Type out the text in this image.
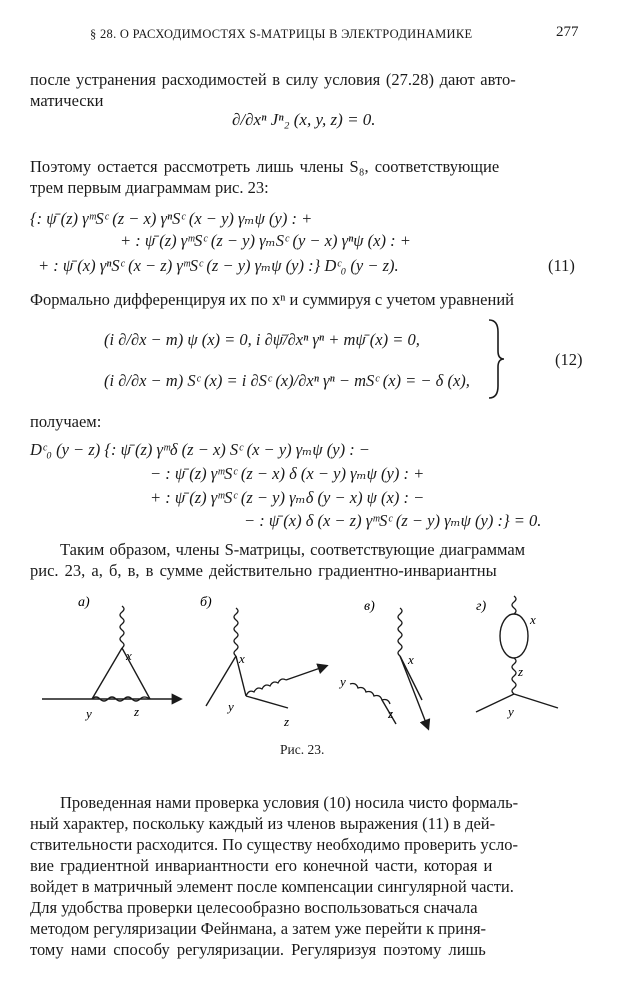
§ 28. О РАСХОДИМОСТЯХ S-МАТРИЦЫ В ЭЛЕКТРОДИНАМИКЕ	277
после устранения расходимостей в силу условия (27.28) дают авто-
матически
∂/∂xⁿ Jⁿ₂ (x, y, z) = 0.
Поэтому остается рассмотреть лишь члены S₈, соответствующие
трем первым диаграммам рис. 23:
{: ψ̄ (z) γᵐSᶜ (z − x) γⁿSᶜ (x − y) γₘψ (y) : +
+ : ψ̄ (z) γᵐSᶜ (z − y) γₘSᶜ (y − x) γⁿψ (x) : +
+ : ψ̄ (x) γⁿSᶜ (x − z) γᵐSᶜ (z − y) γₘψ (y) :} Dᶜ₀ (y − z).	(11)
Формально дифференцируя их по xⁿ и суммируя с учетом уравнений
(i ∂/∂x − m) ψ (x) = 0, i ∂ψ̄/∂xⁿ γⁿ + mψ̄ (x) = 0,
(i ∂/∂x − m) Sᶜ (x) = i ∂Sᶜ (x)/∂xⁿ γⁿ − mSᶜ (x) = − δ (x),
(12)
получаем:
Dᶜ₀ (y − z) {: ψ̄ (z) γᵐδ (z − x) Sᶜ (x − y) γₘψ (y) : −
− : ψ̄ (z) γᵐSᶜ (z − x) δ (x − y) γₘψ (y) : +
+ : ψ̄ (z) γᵐSᶜ (z − y) γₘδ (y − x) ψ (x) : −
− : ψ̄ (x) δ (x − z) γᵐSᶜ (z − y) γₘψ (y) :} = 0.
Таким образом, члены S-матрицы, соответствующие диаграммам
рис. 23, а, б, в, в сумме действительно градиентно-инвариантны
а)
x
y	z
б)
x
y
z
в)
x
y
z
г)
x
z
y
Рис. 23.
Проведенная нами проверка условия (10) носила чисто формаль-
ный характер, поскольку каждый из членов выражения (11) в дей-
ствительности расходится. По существу необходимо проверить усло-
вие градиентной инвариантности его конечной части, которая и
войдет в матричный элемент после компенсации сингулярной части.
Для удобства проверки целесообразно воспользоваться сначала
методом регуляризации Фейнмана, а затем уже перейти к приня-
тому нами способу регуляризации. Регуляризуя поэтому лишь
